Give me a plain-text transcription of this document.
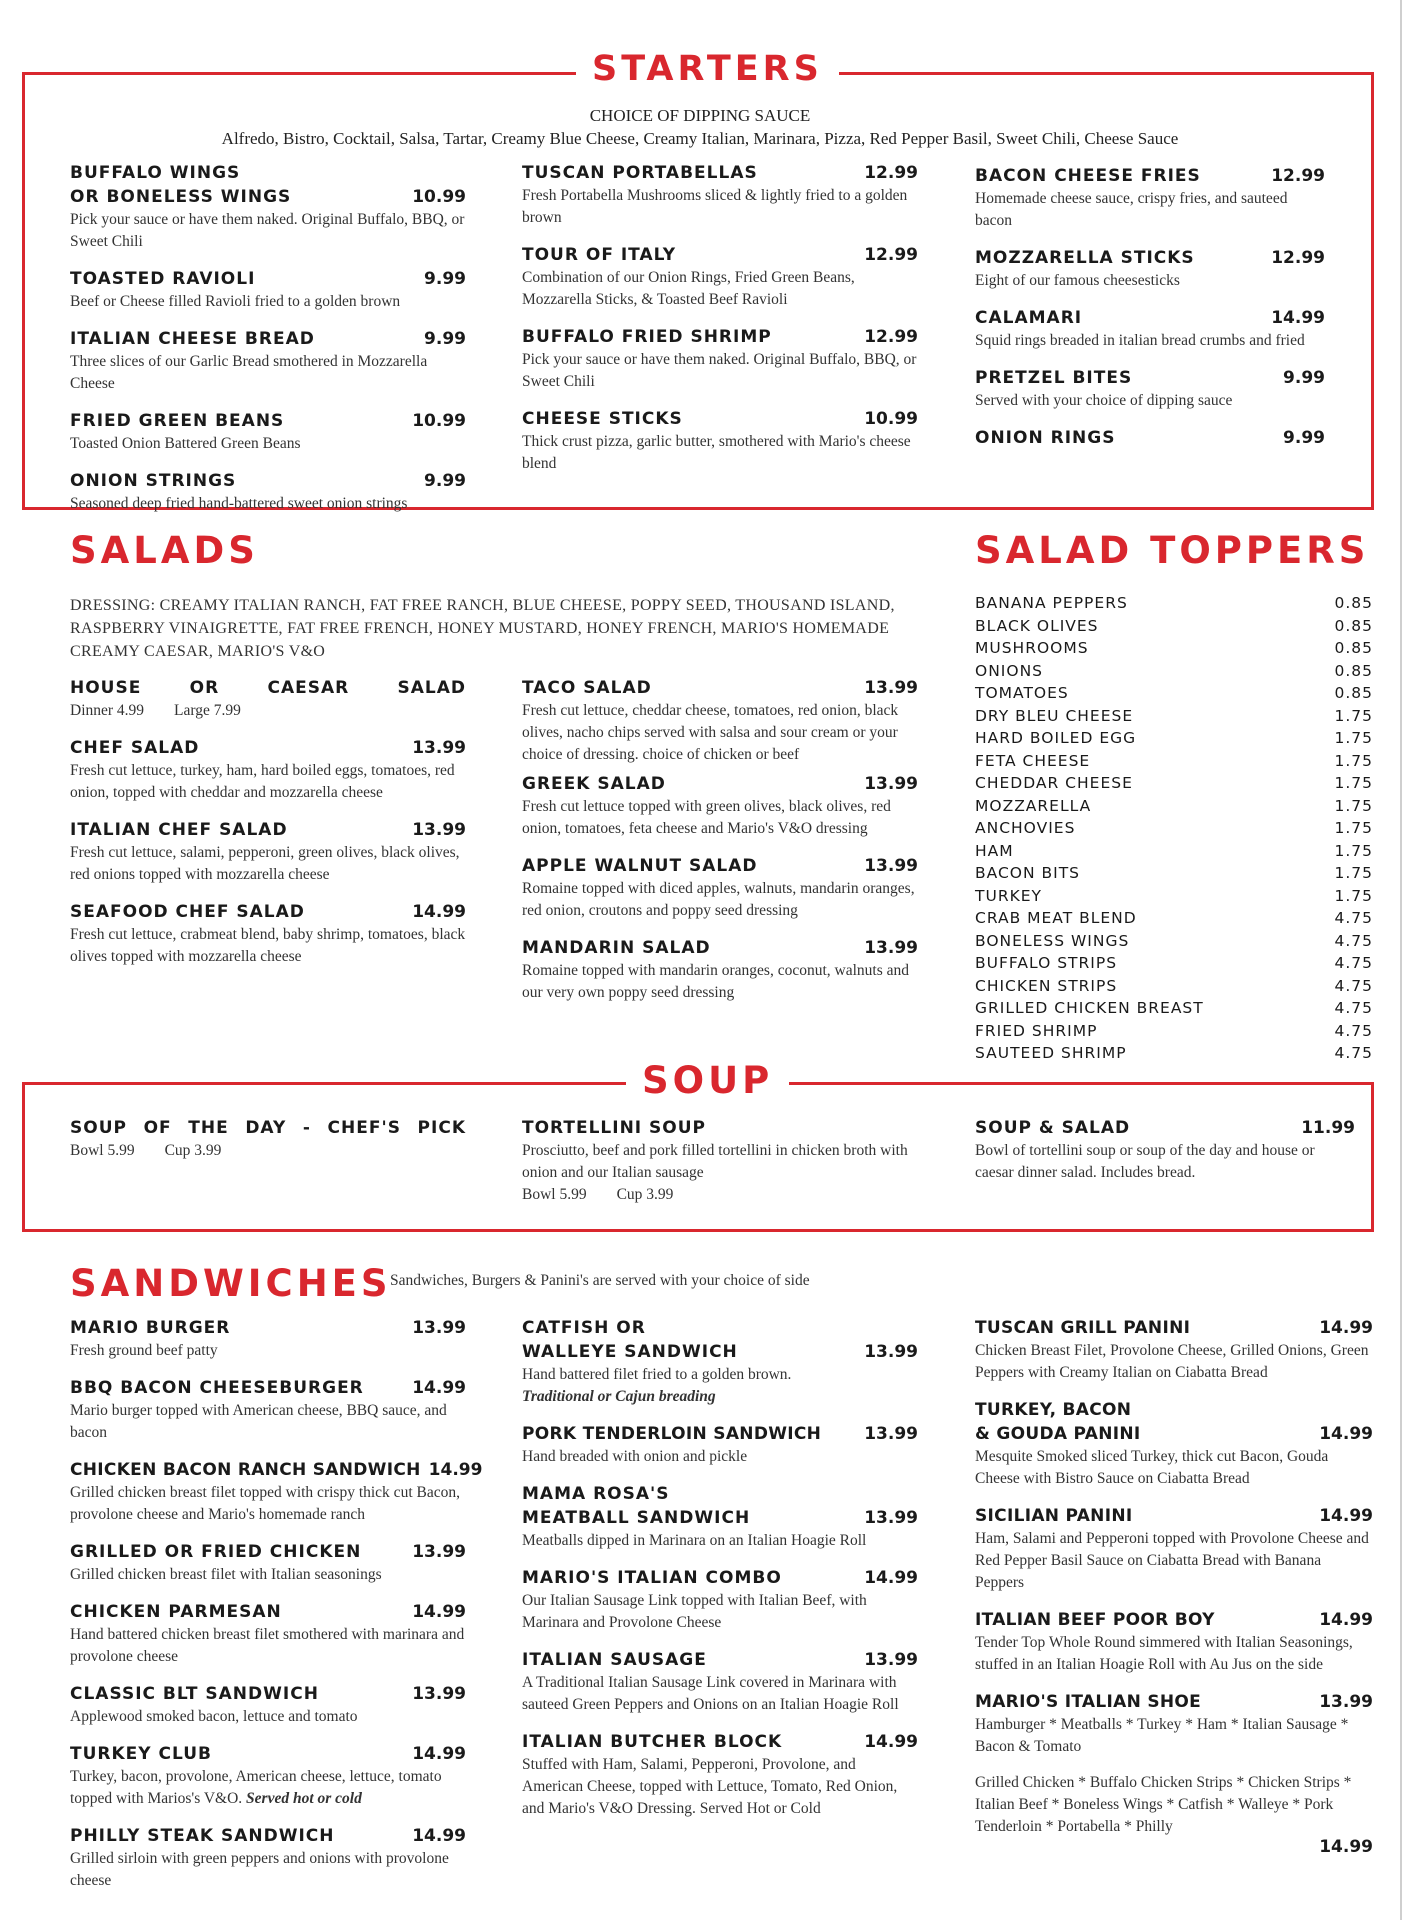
STARTERS
CHOICE OF DIPPING SAUCE
Alfredo, Bistro, Cocktail, Salsa, Tartar, Creamy Blue Cheese, Creamy Italian, Marinara, Pizza, Red Pepper Basil, Sweet Chili, Cheese Sauce
BUFFALO WINGS
OR BONELESS WINGS	10.99
Pick your sauce or have them naked. Original Buffalo, BBQ, or Sweet Chili
TOASTED RAVIOLI	9.99
Beef or Cheese filled Ravioli fried to a golden brown
ITALIAN CHEESE BREAD	9.99
Three slices of our Garlic Bread smothered in Mozzarella Cheese
FRIED GREEN BEANS	10.99
Toasted Onion Battered Green Beans
ONION STRINGS	9.99
Seasoned deep fried hand-battered sweet onion strings
TUSCAN PORTABELLAS	12.99
Fresh Portabella Mushrooms sliced & lightly fried to a golden brown
TOUR OF ITALY	12.99
Combination of our Onion Rings, Fried Green Beans, Mozzarella Sticks, & Toasted Beef Ravioli
BUFFALO FRIED SHRIMP	12.99
Pick your sauce or have them naked. Original Buffalo, BBQ, or Sweet Chili
CHEESE STICKS	10.99
Thick crust pizza, garlic butter, smothered with Mario's cheese blend
BACON CHEESE FRIES	12.99
Homemade cheese sauce, crispy fries, and sauteed bacon
MOZZARELLA STICKS	12.99
Eight of our famous cheesesticks
CALAMARI	14.99
Squid rings breaded in italian bread crumbs and fried
PRETZEL BITES	9.99
Served with your choice of dipping sauce
ONION RINGS	9.99
SALADS
DRESSING: CREAMY ITALIAN RANCH, FAT FREE RANCH, BLUE CHEESE, POPPY SEED, THOUSAND ISLAND, RASPBERRY VINAIGRETTE, FAT FREE FRENCH, HONEY MUSTARD, HONEY FRENCH, MARIO'S HOMEMADE CREAMY CAESAR, MARIO'S V&O
HOUSE OR CAESAR SALAD
Dinner 4.99 Large 7.99
CHEF SALAD	13.99
Fresh cut lettuce, turkey, ham, hard boiled eggs, tomatoes, red onion, topped with cheddar and mozzarella cheese
ITALIAN CHEF SALAD	13.99
Fresh cut lettuce, salami, pepperoni, green olives, black olives, red onions topped with mozzarella cheese
SEAFOOD CHEF SALAD	14.99
Fresh cut lettuce, crabmeat blend, baby shrimp, tomatoes, black olives topped with mozzarella cheese
TACO SALAD	13.99
Fresh cut lettuce, cheddar cheese, tomatoes, red onion, black olives, nacho chips served with salsa and sour cream or your choice of dressing. choice of chicken or beef
GREEK SALAD	13.99
Fresh cut lettuce topped with green olives, black olives, red onion, tomatoes, feta cheese and Mario's V&O dressing
APPLE WALNUT SALAD	13.99
Romaine topped with diced apples, walnuts, mandarin oranges, red onion, croutons and poppy seed dressing
MANDARIN SALAD	13.99
Romaine topped with mandarin oranges, coconut, walnuts and our very own poppy seed dressing
SALAD TOPPERS
BANANA PEPPERS	0.85
BLACK OLIVES	0.85
MUSHROOMS	0.85
ONIONS	0.85
TOMATOES	0.85
DRY BLEU CHEESE	1.75
HARD BOILED EGG	1.75
FETA CHEESE	1.75
CHEDDAR CHEESE	1.75
MOZZARELLA	1.75
ANCHOVIES	1.75
HAM	1.75
BACON BITS	1.75
TURKEY	1.75
CRAB MEAT BLEND	4.75
BONELESS WINGS	4.75
BUFFALO STRIPS	4.75
CHICKEN STRIPS	4.75
GRILLED CHICKEN BREAST	4.75
FRIED SHRIMP	4.75
SAUTEED SHRIMP	4.75
SOUP
SOUP OF THE DAY - CHEF'S PICK
Bowl 5.99 Cup 3.99
TORTELLINI SOUP
Prosciutto, beef and pork filled tortellini in chicken broth with onion and our Italian sausage
Bowl 5.99 Cup 3.99
SOUP & SALAD	11.99
Bowl of tortellini soup or soup of the day and house or caesar dinner salad. Includes bread.
SANDWICHES
Sandwiches, Burgers & Panini's are served with your choice of side
MARIO BURGER	13.99
Fresh ground beef patty
BBQ BACON CHEESEBURGER	14.99
Mario burger topped with American cheese, BBQ sauce, and bacon
CHICKEN BACON RANCH SANDWICH 14.99
Grilled chicken breast filet topped with crispy thick cut Bacon, provolone cheese and Mario's homemade ranch
GRILLED OR FRIED CHICKEN	13.99
Grilled chicken breast filet with Italian seasonings
CHICKEN PARMESAN	14.99
Hand battered chicken breast filet smothered with marinara and provolone cheese
CLASSIC BLT SANDWICH	13.99
Applewood smoked bacon, lettuce and tomato
TURKEY CLUB	14.99
Turkey, bacon, provolone, American cheese, lettuce, tomato topped with Marios's V&O. Served hot or cold
PHILLY STEAK SANDWICH	14.99
Grilled sirloin with green peppers and onions with provolone cheese
CATFISH OR
WALLEYE SANDWICH	13.99
Hand battered filet fried to a golden brown.
Traditional or Cajun breading
PORK TENDERLOIN SANDWICH	13.99
Hand breaded with onion and pickle
MAMA ROSA'S
MEATBALL SANDWICH	13.99
Meatballs dipped in Marinara on an Italian Hoagie Roll
MARIO'S ITALIAN COMBO	14.99
Our Italian Sausage Link topped with Italian Beef, with Marinara and Provolone Cheese
ITALIAN SAUSAGE	13.99
A Traditional Italian Sausage Link covered in Marinara with sauteed Green Peppers and Onions on an Italian Hoagie Roll
ITALIAN BUTCHER BLOCK	14.99
Stuffed with Ham, Salami, Pepperoni, Provolone, and American Cheese, topped with Lettuce, Tomato, Red Onion, and Mario's V&O Dressing. Served Hot or Cold
TUSCAN GRILL PANINI	14.99
Chicken Breast Filet, Provolone Cheese, Grilled Onions, Green Peppers with Creamy Italian on Ciabatta Bread
TURKEY, BACON
& GOUDA PANINI	14.99
Mesquite Smoked sliced Turkey, thick cut Bacon, Gouda Cheese with Bistro Sauce on Ciabatta Bread
SICILIAN PANINI	14.99
Ham, Salami and Pepperoni topped with Provolone Cheese and Red Pepper Basil Sauce on Ciabatta Bread with Banana Peppers
ITALIAN BEEF POOR BOY	14.99
Tender Top Whole Round simmered with Italian Seasonings, stuffed in an Italian Hoagie Roll with Au Jus on the side
MARIO'S ITALIAN SHOE	13.99
Hamburger * Meatballs * Turkey * Ham * Italian Sausage * Bacon & Tomato
Grilled Chicken * Buffalo Chicken Strips * Chicken Strips * Italian Beef * Boneless Wings * Catfish * Walleye * Pork Tenderloin * Portabella * Philly
14.99
